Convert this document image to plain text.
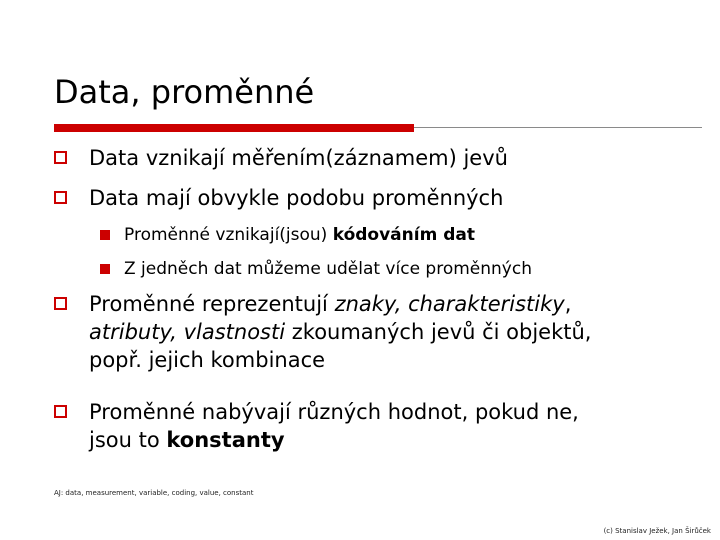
Data, proměnné
Data vznikají měřením(záznamem) jevů
Data mají obvykle podobu proměnných
Proměnné vznikají(jsou) kódováním dat
Z jedněch dat můžeme udělat více proměnných
Proměnné reprezentují znaky, charakteristiky,
atributy, vlastnosti zkoumaných jevů či objektů,
popř. jejich kombinace
Proměnné nabývají různých hodnot, pokud ne,
jsou to konstanty
AJ: data, measurement, variable, coding, value, constant
(c) Stanislav Ježek, Jan Širůček
